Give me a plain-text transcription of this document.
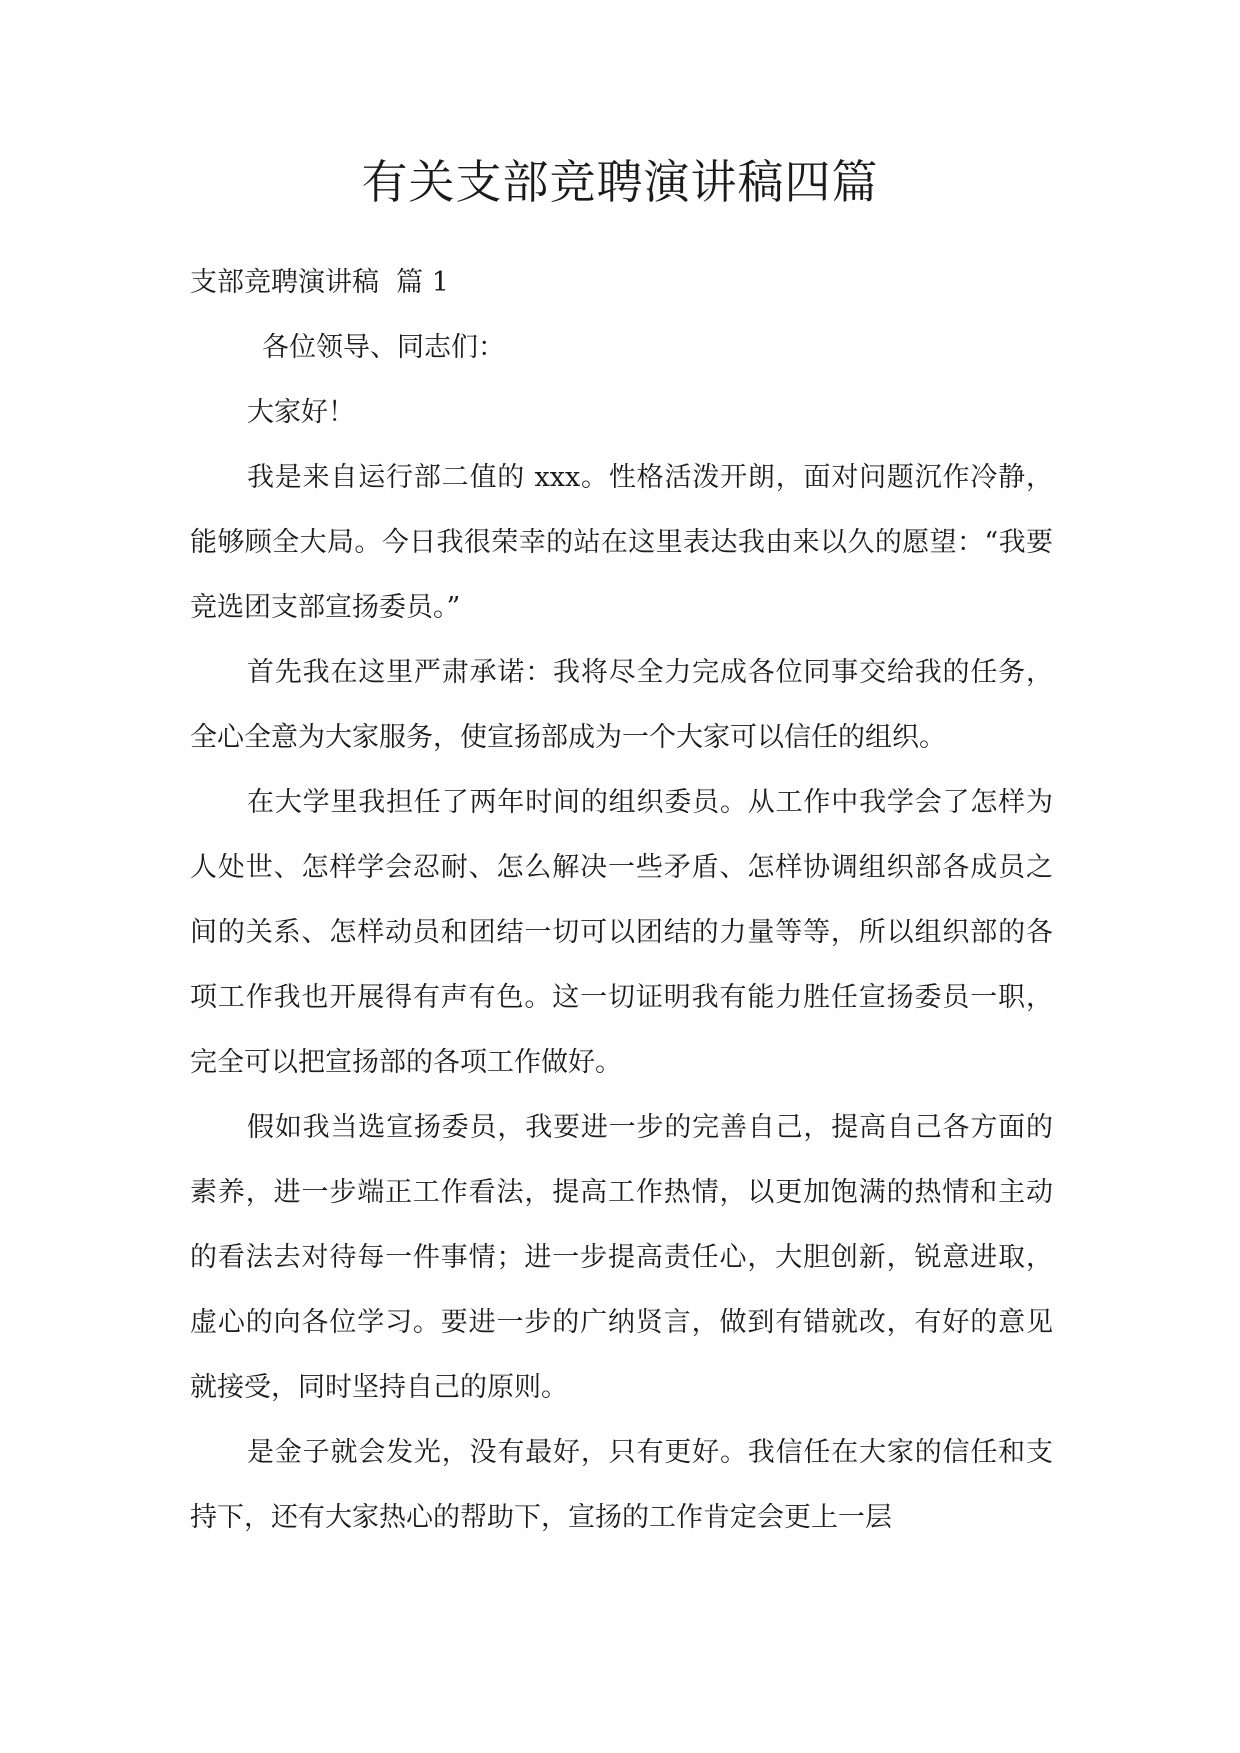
有关支部竞聘演讲稿四篇

支部竞聘演讲稿  篇 1

各位领导、同志们：

大家好！

我是来自运行部二值的 xxx。性格活泼开朗，面对问题沉作冷静，能够顾全大局。今日我很荣幸的站在这里表达我由来以久的愿望：“我要竞选团支部宣扬委员。”

首先我在这里严肃承诺：我将尽全力完成各位同事交给我的任务，全心全意为大家服务，使宣扬部成为一个大家可以信任的组织。

在大学里我担任了两年时间的组织委员。从工作中我学会了怎样为人处世、怎样学会忍耐、怎么解决一些矛盾、怎样协调组织部各成员之间的关系、怎样动员和团结一切可以团结的力量等等，所以组织部的各项工作我也开展得有声有色。这一切证明我有能力胜任宣扬委员一职，完全可以把宣扬部的各项工作做好。

假如我当选宣扬委员，我要进一步的完善自己，提高自己各方面的素养，进一步端正工作看法，提高工作热情，以更加饱满的热情和主动的看法去对待每一件事情；进一步提高责任心，大胆创新，锐意进取，虚心的向各位学习。要进一步的广纳贤言，做到有错就改，有好的意见就接受，同时坚持自己的原则。

是金子就会发光，没有最好，只有更好。我信任在大家的信任和支持下，还有大家热心的帮助下，宣扬的工作肯定会更上一层
